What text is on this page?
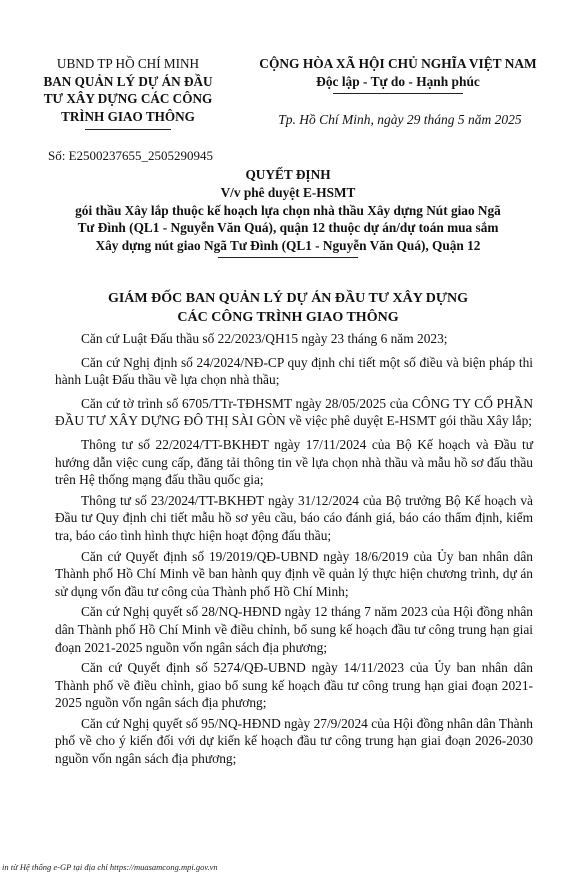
UBND TP HỒ CHÍ MINH
BAN QUẢN LÝ DỰ ÁN ĐẦU
TƯ XÂY DỰNG CÁC CÔNG
TRÌNH GIAO THÔNG
Số: E2500237655_2505290945
CỘNG HÒA XÃ HỘI CHỦ NGHĨA VIỆT NAM
Độc lập - Tự do - Hạnh phúc
Tp. Hồ Chí Minh, ngày 29 tháng 5 năm 2025
QUYẾT ĐỊNH
V/v phê duyệt E-HSMT
gói thầu Xây lắp thuộc kế hoạch lựa chọn nhà thầu Xây dựng Nút giao Ngã
Tư Đình (QL1 - Nguyễn Văn Quá), quận 12 thuộc dự án/dự toán mua sắm
Xây dựng nút giao Ngã Tư Đình (QL1 - Nguyễn Văn Quá), Quận 12
GIÁM ĐỐC BAN QUẢN LÝ DỰ ÁN ĐẦU TƯ XÂY DỰNG
CÁC CÔNG TRÌNH GIAO THÔNG

Căn cứ Luật Đấu thầu số 22/2023/QH15 ngày 23 tháng 6 năm 2023;

Căn cứ Nghị định số 24/2024/NĐ-CP quy định chi tiết một số điều và biện pháp thi hành Luật Đấu thầu về lựa chọn nhà thầu;

Căn cứ tờ trình số 6705/TTr-TĐHSMT ngày 28/05/2025 của CÔNG TY CỔ PHẦN ĐẦU TƯ XÂY DỰNG ĐÔ THỊ SÀI GÒN về việc phê duyệt E-HSMT gói thầu Xây lắp;

Thông tư số 22/2024/TT-BKHĐT ngày 17/11/2024 của Bộ Kế hoạch và Đầu tư hướng dẫn việc cung cấp, đăng tải thông tin về lựa chọn nhà thầu và mẫu hồ sơ đấu thầu trên Hệ thống mạng đấu thầu quốc gia;

Thông tư số 23/2024/TT-BKHĐT ngày 31/12/2024 của Bộ trưởng Bộ Kế hoạch và Đầu tư Quy định chi tiết mẫu hồ sơ yêu cầu, báo cáo đánh giá, báo cáo thẩm định, kiểm tra, báo cáo tình hình thực hiện hoạt động đấu thầu;

Căn cứ Quyết định số 19/2019/QĐ-UBND ngày 18/6/2019 của Ủy ban nhân dân Thành phố Hồ Chí Minh về ban hành quy định về quản lý thực hiện chương trình, dự án sử dụng vốn đầu tư công của Thành phố Hồ Chí Minh;

Căn cứ Nghị quyết số 28/NQ-HĐND ngày 12 tháng 7 năm 2023 của Hội đồng nhân dân Thành phố Hồ Chí Minh về điều chỉnh, bổ sung kế hoạch đầu tư công trung hạn giai đoạn 2021-2025 nguồn vốn ngân sách địa phương;

Căn cứ Quyết định số 5274/QĐ-UBND ngày 14/11/2023 của Ủy ban nhân dân Thành phố về điều chỉnh, giao bổ sung kế hoạch đầu tư công trung hạn giai đoạn 2021-2025 nguồn vốn ngân sách địa phương;

Căn cứ Nghị quyết số 95/NQ-HĐND ngày 27/9/2024 của Hội đồng nhân dân Thành phố về cho ý kiến đối với dự kiến kế hoạch đầu tư công trung hạn giai đoạn 2026-2030 nguồn vốn ngân sách địa phương;

in từ Hệ thống e-GP tại địa chỉ https://muasamcong.mpi.gov.vn
